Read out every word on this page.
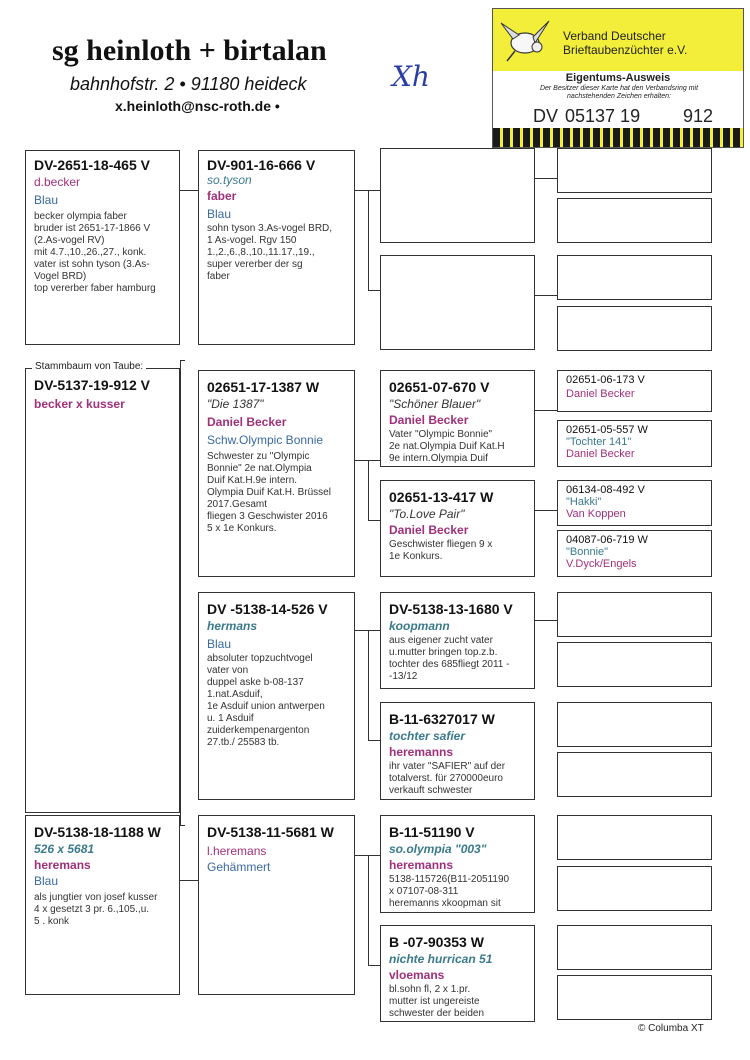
sg heinloth + birtalan
bahnhofstr. 2 • 91180 heideck
x.heinloth@nsc-roth.de •
Xh
Verband Deutscher
Brieftaubenzüchter e.V.
Eigentums-Ausweis
Der Besitzer dieser Karte hat den Verbandsring mit nachstehenden Zeichen erhalten:
DV 05137 19 912
DV-2651-18-465 V
d.becker
Blau
becker olympia faber
bruder ist 2651-17-1866 V
(2.As-vogel RV)
mit 4.7.,10.,26.,27., konk.
vater ist sohn tyson (3.As-
Vogel BRD)
top vererber faber hamburg
DV-5137-19-912 V
becker x kusser
Stammbaum von Taube:
DV-5138-18-1188 W
526 x 5681
heremans
Blau
als jungtier von josef kusser
4 x gesetzt 3 pr. 6.,105.,u.
5 . konk
DV-901-16-666 V
so.tyson
faber
Blau
sohn tyson 3.As-vogel BRD,
1 As-vogel. Rgv 150
1.,2.,6.,8.,10.,11.17.,19.,
super vererber der sg
faber
02651-17-1387 W
"Die 1387"
Daniel Becker
Schw.Olympic Bonnie
Schwester zu "Olympic
Bonnie" 2e nat.Olympia
Duif Kat.H.9e intern.
Olympia Duif Kat.H. Brüssel
2017.Gesamt
fliegen 3 Geschwister 2016
5 x 1e Konkurs.
DV -5138-14-526 V
hermans
Blau
absoluter topzuchtvogel
vater von
duppel aske b-08-137
1.nat.Asduif,
1e Asduif union antwerpen
u. 1 Asduif
zuiderkempenargenton
27.tb./ 25583 tb.
DV-5138-11-5681 W
l.heremans
Gehämmert
02651-07-670 V
"Schöner Blauer"
Daniel Becker
Vater "Olympic Bonnie"
2e nat.Olympia Duif Kat.H
9e intern.Olympia Duif
02651-13-417 W
"To.Love Pair"
Daniel Becker
Geschwister fliegen 9 x
1e Konkurs.
DV-5138-13-1680 V
koopmann
aus eigener zucht vater
u.mutter bringen top.z.b.
tochter des 685fliegt 2011 -
-13/12
B-11-6327017 W
tochter safier
heremanns
ihr vater "SAFIER" auf der
totalverst. für 270000euro
verkauft schwester
B-11-51190 V
so.olympia "003"
heremanns
5138-115726(B11-2051190
x 07107-08-311
heremanns xkoopman sit
B -07-90353 W
nichte hurrican 51
vloemans
bl.sohn fl, 2 x 1.pr.
mutter ist ungereiste
schwester der beiden
02651-06-173 V
Daniel Becker
02651-05-557 W
"Tochter 141"
Daniel Becker
06134-08-492 V
"Hakki"
Van Koppen
04087-06-719 W
"Bonnie"
V.Dyck/Engels
© Columba XT
